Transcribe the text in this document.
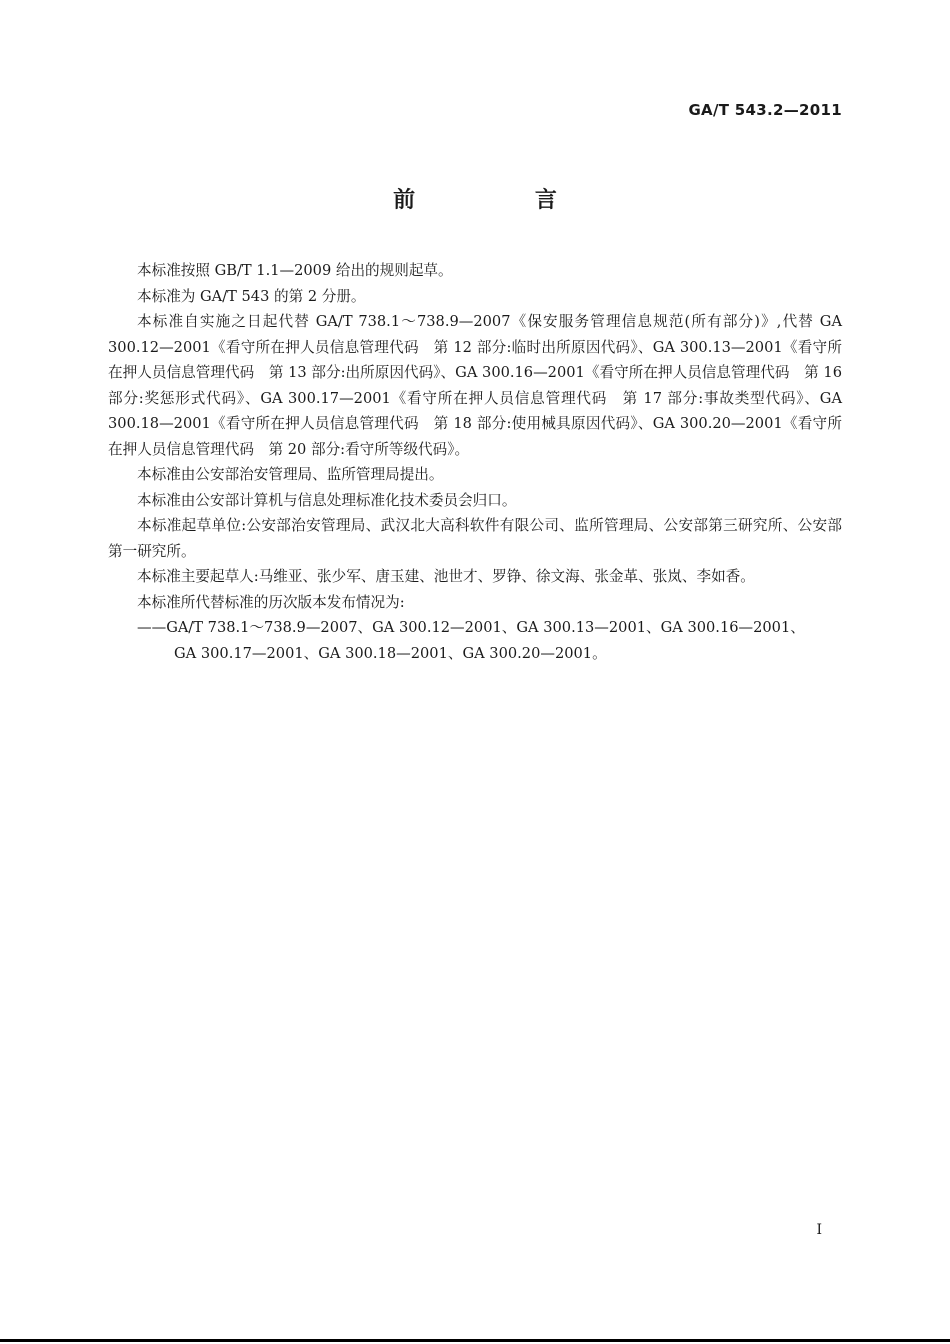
GA/T 543.2—2011
前 言

本标准按照 GB/T 1.1—2009 给出的规则起草。

本标准为 GA/T 543 的第 2 分册。

本标准自实施之日起代替 GA/T 738.1～738.9—2007《保安服务管理信息规范(所有部分)》,代替 GA 300.12—2001《看守所在押人员信息管理代码　第 12 部分:临时出所原因代码》、GA 300.13—2001《看守所在押人员信息管理代码　第 13 部分:出所原因代码》、GA 300.16—2001《看守所在押人员信息管理代码　第 16 部分:奖惩形式代码》、GA 300.17—2001《看守所在押人员信息管理代码　第 17 部分:事故类型代码》、GA 300.18—2001《看守所在押人员信息管理代码　第 18 部分:使用械具原因代码》、GA 300.20—2001《看守所在押人员信息管理代码　第 20 部分:看守所等级代码》。

本标准由公安部治安管理局、监所管理局提出。

本标准由公安部计算机与信息处理标准化技术委员会归口。

本标准起草单位:公安部治安管理局、武汉北大高科软件有限公司、监所管理局、公安部第三研究所、公安部第一研究所。

本标准主要起草人:马维亚、张少军、唐玉建、池世才、罗铮、徐文海、张金革、张岚、李如香。

本标准所代替标准的历次版本发布情况为:

——GA/T 738.1～738.9—2007、GA 300.12—2001、GA 300.13—2001、GA 300.16—2001、

GA 300.17—2001、GA 300.18—2001、GA 300.20—2001。

I
